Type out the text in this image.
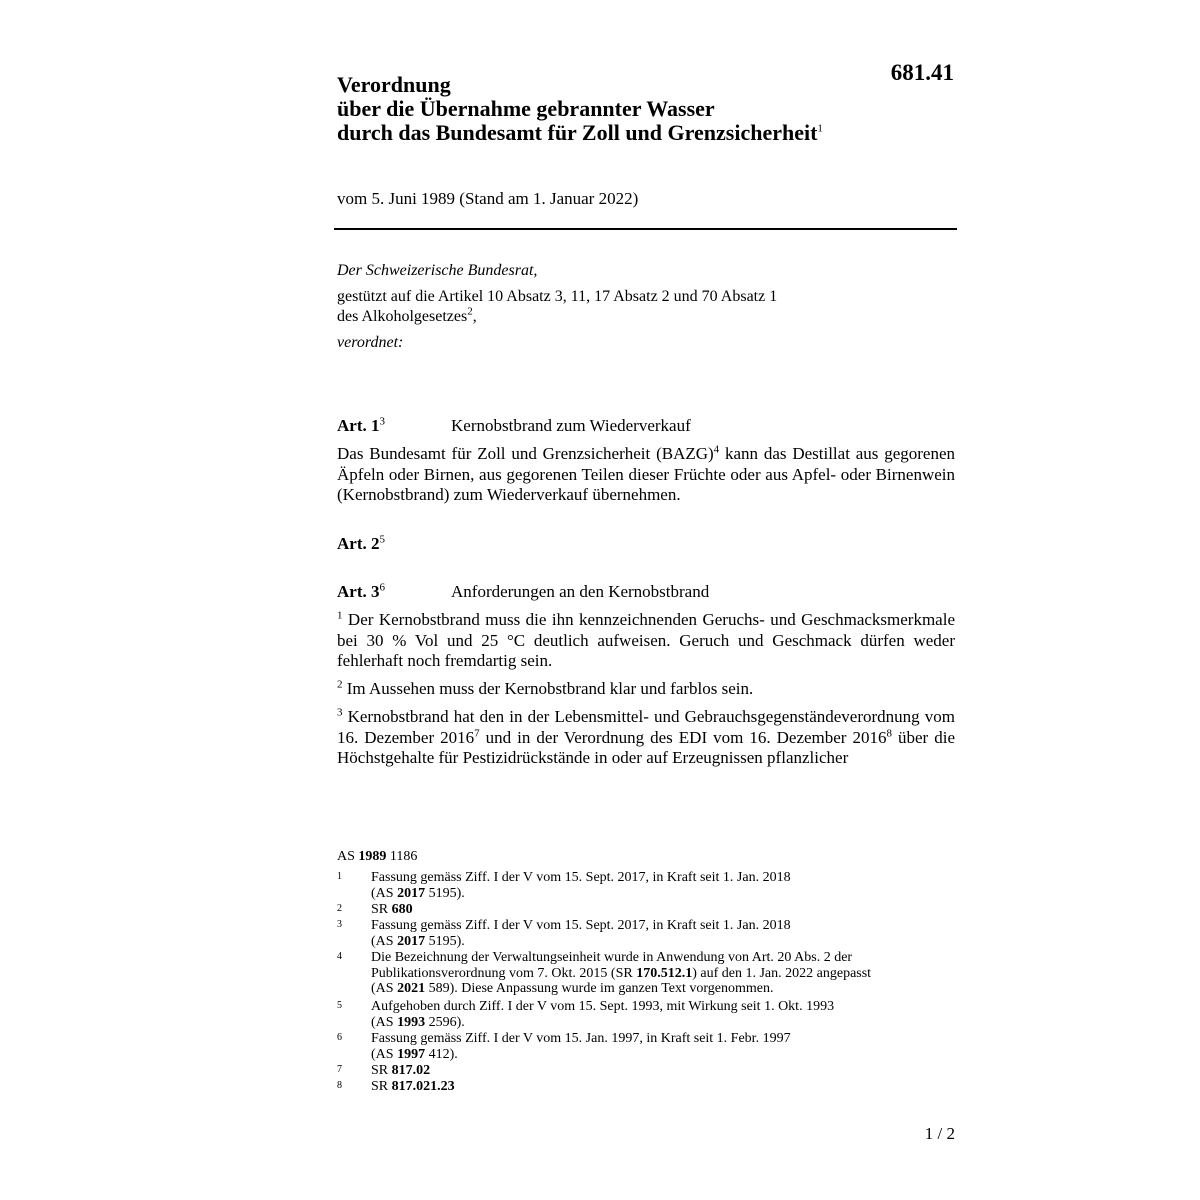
681.41
Verordnung
über die Übernahme gebrannter Wasser
durch das Bundesamt für Zoll und Grenzsicherheit$^1$
vom 5. Juni 1989 (Stand am 1. Januar 2022)
Der Schweizerische Bundesrat,
gestützt auf die Artikel 10 Absatz 3, 11, 17 Absatz 2 und 70 Absatz 1
des Alkoholgesetzes$^2$,
verordnet:
Art. $1^3$	Kernobstbrand zum Wiederverkauf
Das Bundesamt für Zoll und Grenzsicherheit (BAZG)$^4$ kann das Destillat aus gegorenen Äpfeln oder Birnen, aus gegorenen Teilen dieser Früchte oder aus Apfel- oder Birnenwein (Kernobstbrand) zum Wiederverkauf übernehmen.
Art. $2^5$
Art. $3^6$	Anforderungen an den Kernobstbrand
$^1$ Der Kernobstbrand muss die ihn kennzeichnenden Geruchs- und Geschmacksmerkmale bei 30 % Vol und 25 °C deutlich aufweisen. Geruch und Geschmack dürfen weder fehlerhaft noch fremdartig sein.
$^2$ Im Aussehen muss der Kernobstbrand klar und farblos sein.
$^3$ Kernobstbrand hat den in der Lebensmittel- und Gebrauchsgegenständeverordnung vom 16. Dezember 2016$^7$ und in der Verordnung des EDI vom 16. Dezember 2016$^8$ über die Höchstgehalte für Pestizidrückstände in oder auf Erzeugnissen pflanzlicher
AS 1989 1186
1 Fassung gemäss Ziff. I der V vom 15. Sept. 2017, in Kraft seit 1. Jan. 2018
(AS 2017 5195).
2 SR 680
3 Fassung gemäss Ziff. I der V vom 15. Sept. 2017, in Kraft seit 1. Jan. 2018
(AS 2017 5195).
4 Die Bezeichnung der Verwaltungseinheit wurde in Anwendung von Art. 20 Abs. 2 der
Publikationsverordnung vom 7. Okt. 2015 (SR 170.512.1) auf den 1. Jan. 2022 angepasst
(AS 2021 589). Diese Anpassung wurde im ganzen Text vorgenommen.
5 Aufgehoben durch Ziff. I der V vom 15. Sept. 1993, mit Wirkung seit 1. Okt. 1993
(AS 1993 2596).
6 Fassung gemäss Ziff. I der V vom 15. Jan. 1997, in Kraft seit 1. Febr. 1997
(AS 1997 412).
7 SR 817.02
8 SR 817.021.23
1 / 2
